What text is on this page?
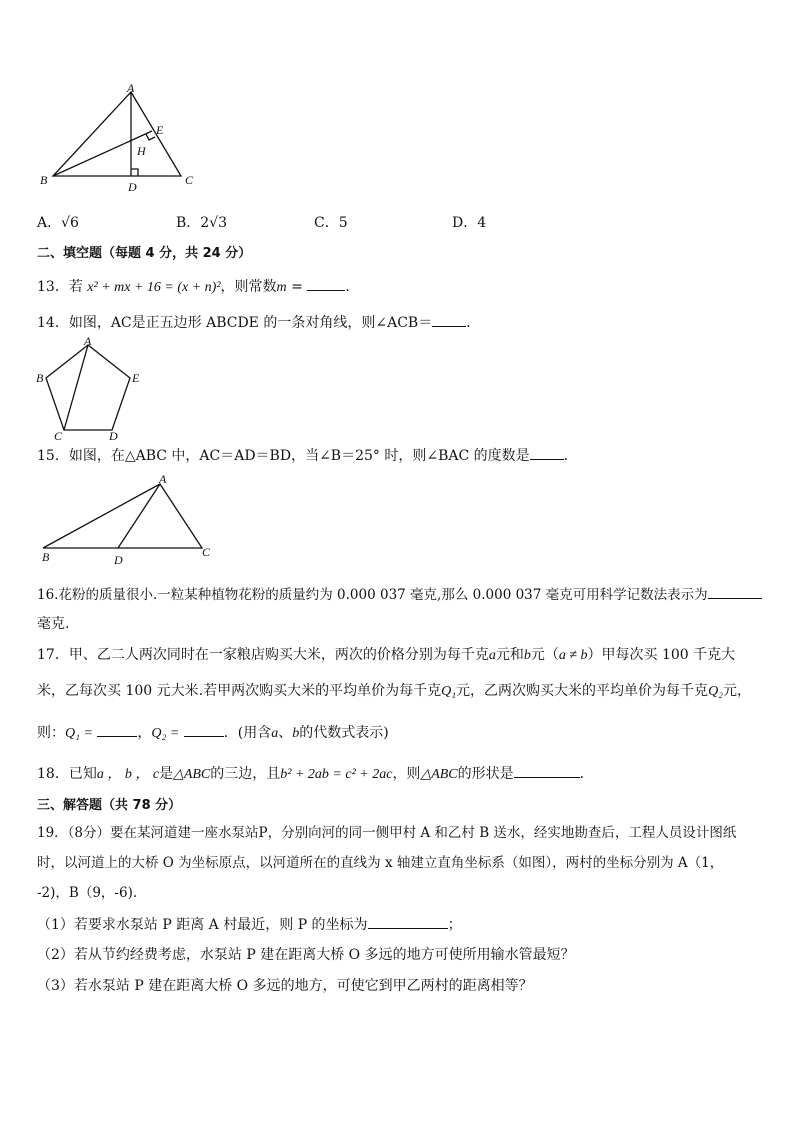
A
B	C
D
E
H
A．√6	B．2√3	C．5	D．4
二、填空题（每题 4 分，共 24 分）
13．若 x² + mx + 16 = (x + n)²，则常数m =	．
14．如图，AC是正五边形 ABCDE 的一条对角线，则∠ACB＝ ．
A
B
C	D
E
15．如图，在△ABC 中，AC＝AD＝BD，当∠B＝25° 时，则∠BAC 的度数是 ．
A
B	C
D
16.花粉的质量很小.一粒某种植物花粉的质量约为 0.000 037 毫克,那么 0.000 037 毫克可用科学记数法表示为
毫克.
17．甲、乙二人两次同时在一家粮店购买大米，两次的价格分别为每千克a元和b元（a ≠ b）甲每次买 100 千克大
米，乙每次买 100 元大米.若甲两次购买大米的平均单价为每千克Q₁元，乙两次购买大米的平均单价为每千克Q₂元，
则：Q₁ =	，Q₂ =	．(用含a、b的代数式表示)
18．已知a ， b ， c是△ABC的三边，且b² + 2ab = c² + 2ac，则△ABC的形状是	．
三、解答题（共 78 分）
19．（8分）要在某河道建一座水泵站P，分别向河的同一侧甲村 A 和乙村 B 送水，经实地勘查后，工程人员设计图纸
时，以河道上的大桥 O 为坐标原点，以河道所在的直线为 x 轴建立直角坐标系（如图），两村的坐标分别为 A（1，
-2)，B（9，-6).
（1）若要求水泵站 P 距离 A 村最近，则 P 的坐标为	；
（2）若从节约经费考虑，水泵站 P 建在距离大桥 O 多远的地方可使所用输水管最短？
（3）若水泵站 P 建在距离大桥 O 多远的地方，可使它到甲乙两村的距离相等？
